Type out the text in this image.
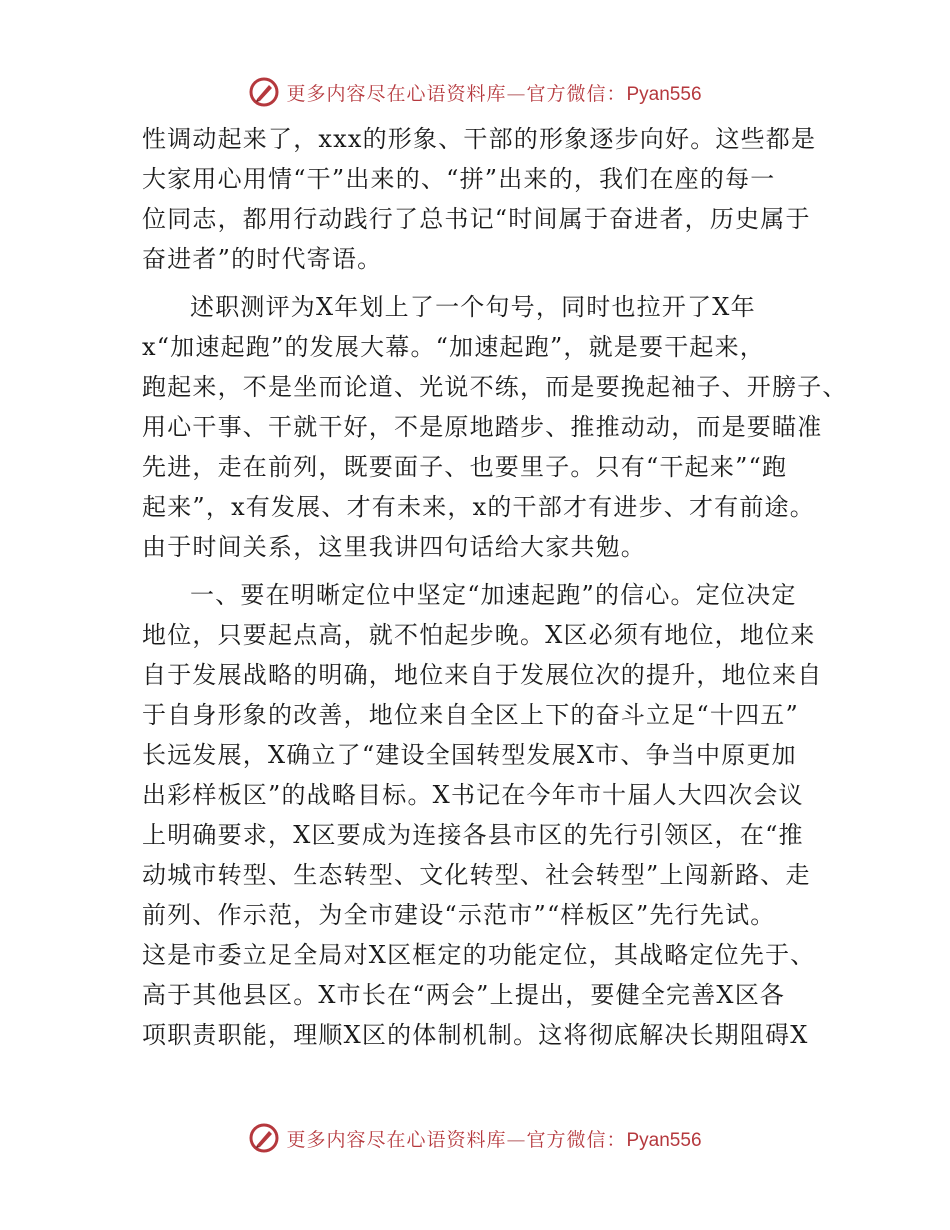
更多内容尽在心语资料库—官方微信：Pyan556

性调动起来了，xxx的形象、干部的形象逐步向好。这些都是
大家用心用情“干”出来的、“拼”出来的，我们在座的每一
位同志，都用行动践行了总书记“时间属于奋进者，历史属于
奋进者”的时代寄语。

述职测评为X年划上了一个句号，同时也拉开了X年
x“加速起跑”的发展大幕。“加速起跑”，就是要干起来，
跑起来，不是坐而论道、光说不练，而是要挽起袖子、开膀子、
用心干事、干就干好，不是原地踏步、推推动动，而是要瞄准
先进，走在前列，既要面子、也要里子。只有“干起来”“跑
起来”，x有发展、才有未来，x的干部才有进步、才有前途。
由于时间关系，这里我讲四句话给大家共勉。

一、要在明晰定位中坚定“加速起跑”的信心。定位决定
地位，只要起点高，就不怕起步晚。X区必须有地位，地位来
自于发展战略的明确，地位来自于发展位次的提升，地位来自
于自身形象的改善，地位来自全区上下的奋斗立足“十四五”
长远发展，X确立了“建设全国转型发展X市、争当中原更加
出彩样板区”的战略目标。X书记在今年市十届人大四次会议
上明确要求，X区要成为连接各县市区的先行引领区，在“推
动城市转型、生态转型、文化转型、社会转型”上闯新路、走
前列、作示范，为全市建设“示范市”“样板区”先行先试。
这是市委立足全局对X区框定的功能定位，其战略定位先于、
高于其他县区。X市长在“两会”上提出，要健全完善X区各
项职责职能，理顺X区的体制机制。这将彻底解决长期阻碍X

更多内容尽在心语资料库—官方微信：Pyan556
